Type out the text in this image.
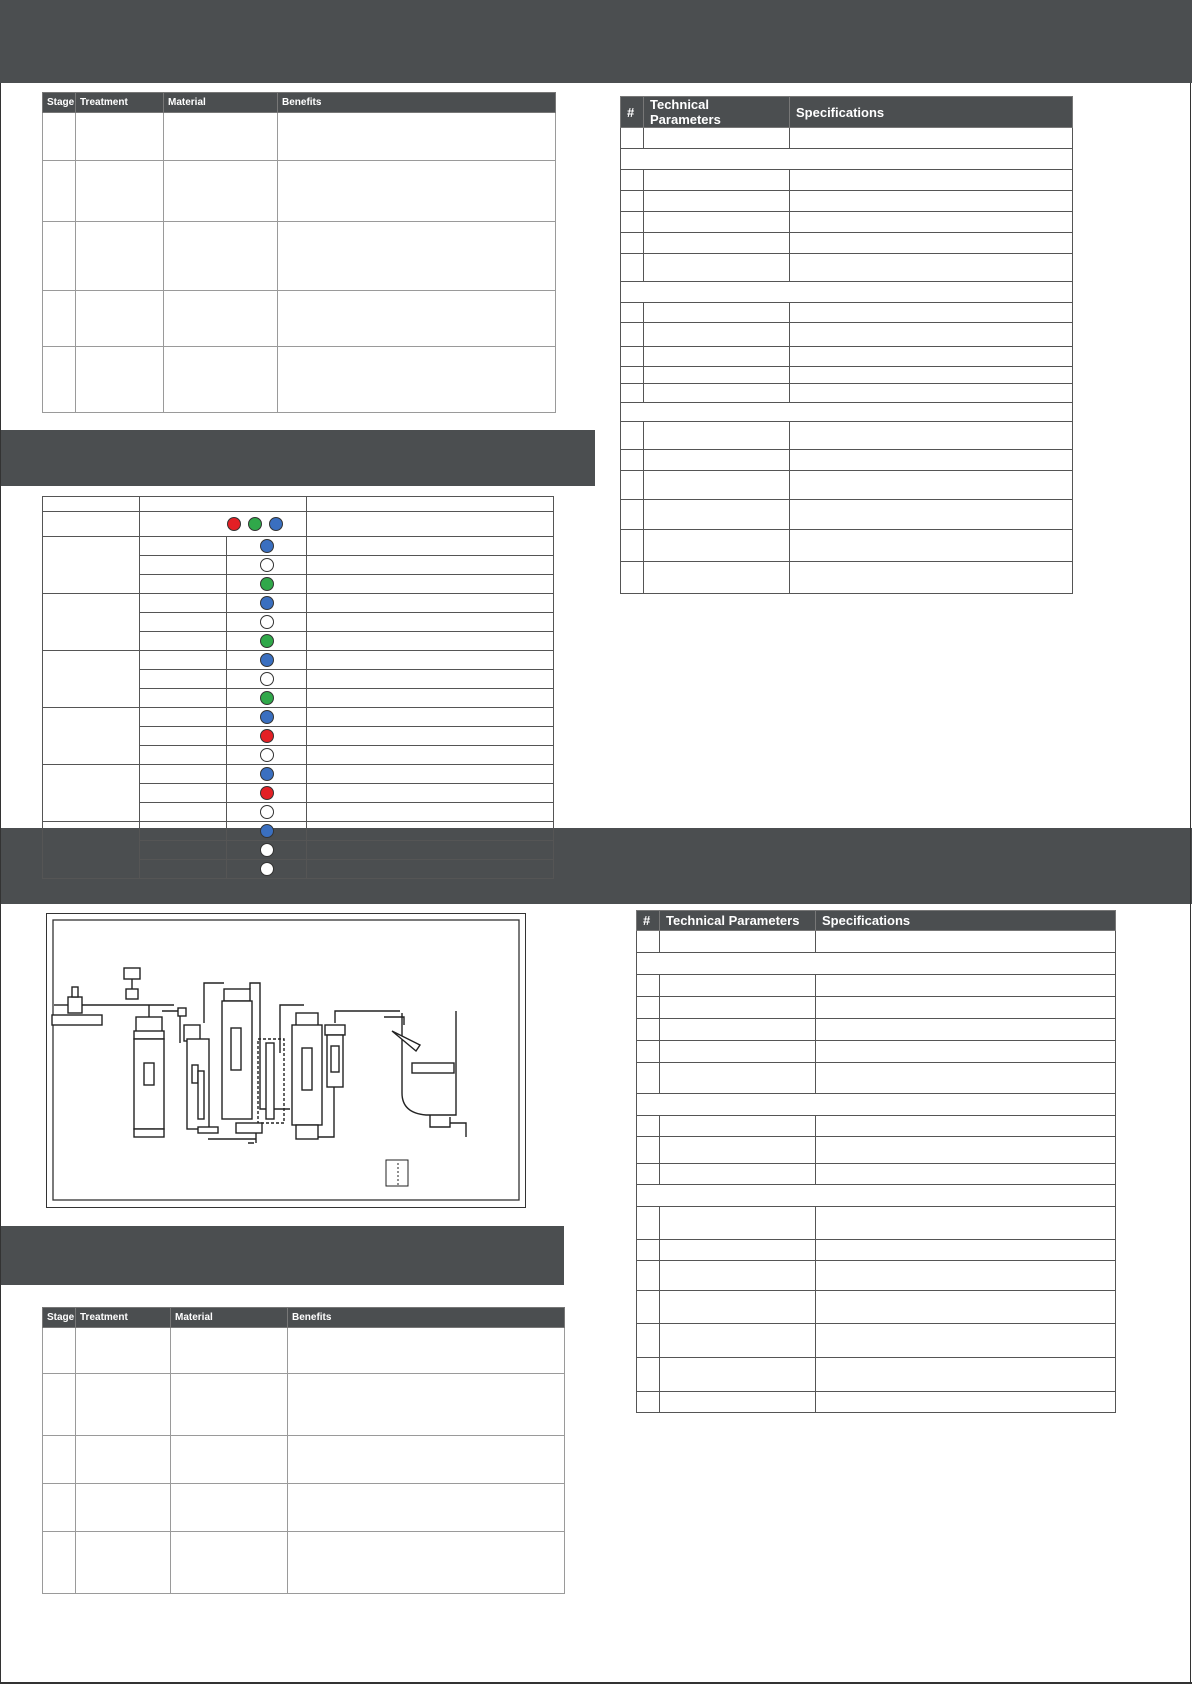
Stage	Treatment	Material	Benefits

#	Technical Parameters	Specifications

#	Technical Parameters	Specifications

Stage	Treatment	Material	Benefits
